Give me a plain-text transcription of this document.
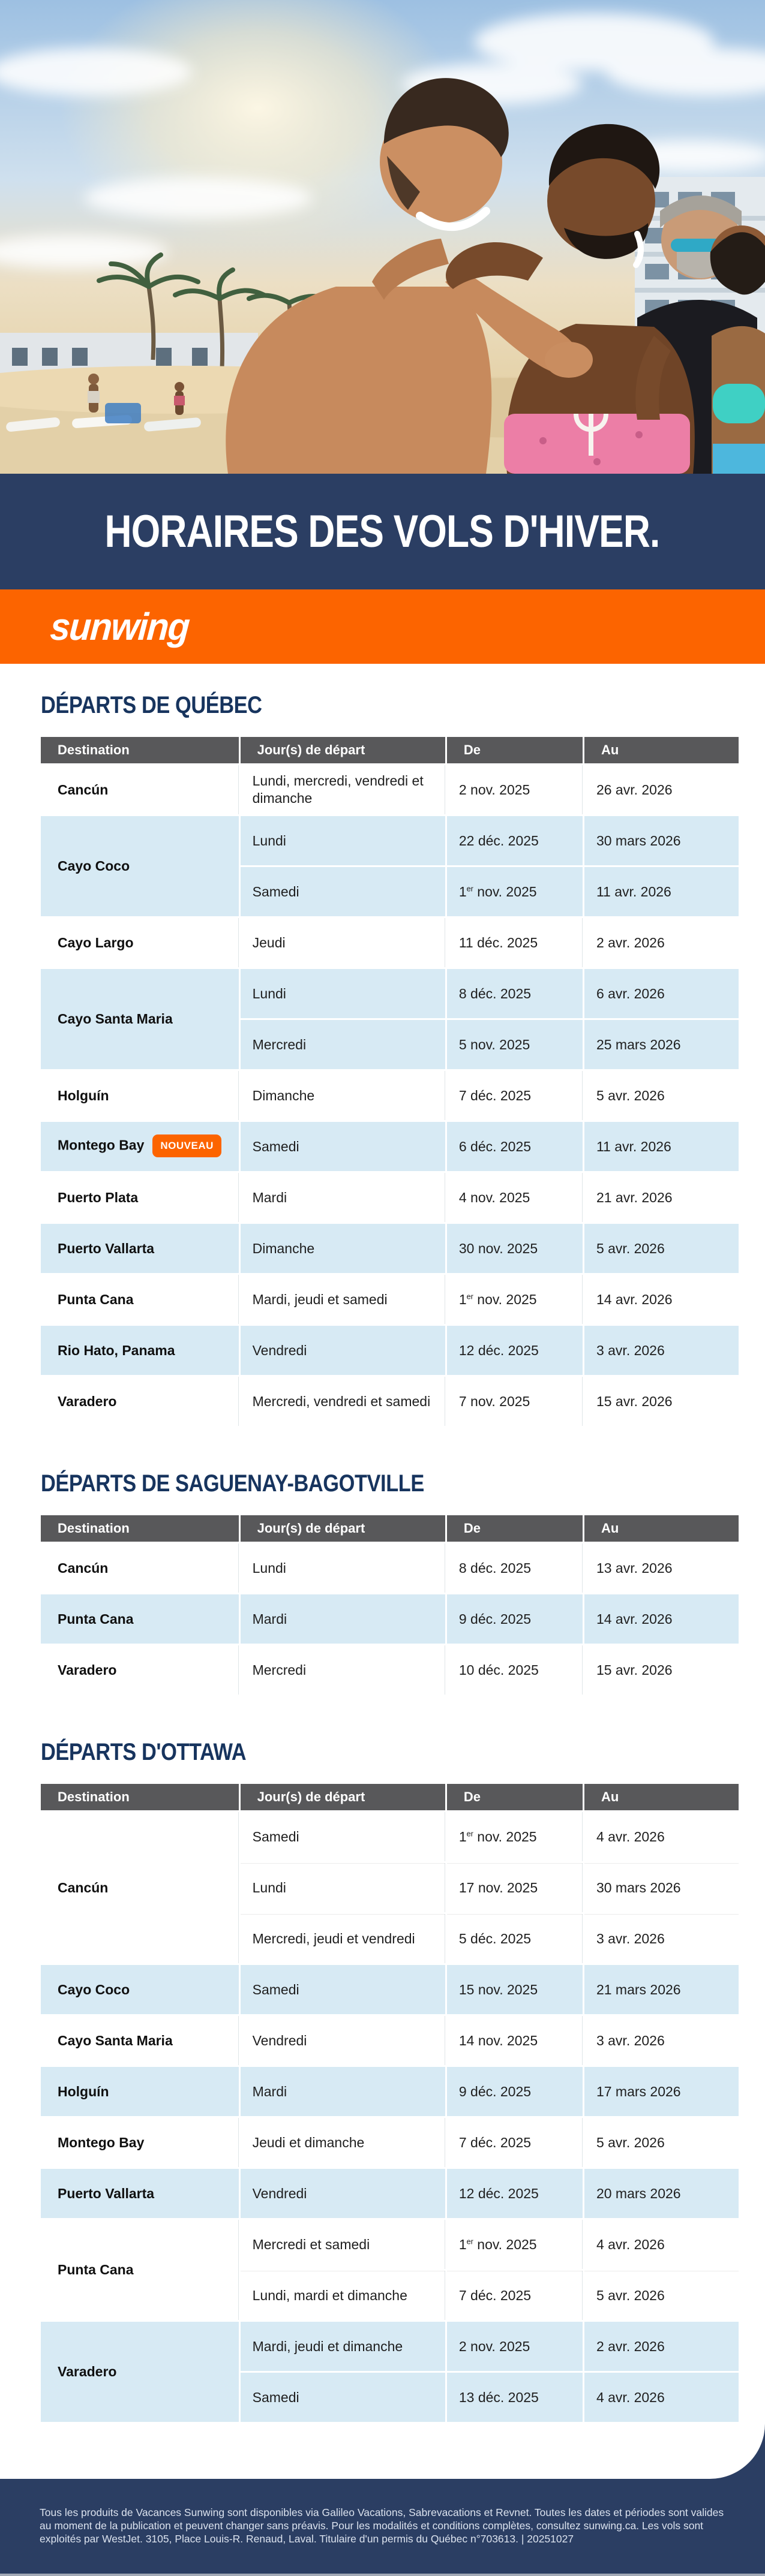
HORAIRES DES VOLS D'HIVER.
sunwing
DÉPARTS DE QUÉBEC
Destination	Jour(s) de départ	De	Au
Cancún	Lundi, mercredi, vendredi et dimanche	2 nov. 2025	26 avr. 2026
Cayo Coco	Lundi	22 déc. 2025	30 mars 2026
	Samedi	1er nov. 2025	11 avr. 2026
Cayo Largo	Jeudi	11 déc. 2025	2 avr. 2026
Cayo Santa Maria	Lundi	8 déc. 2025	6 avr. 2026
	Mercredi	5 nov. 2025	25 mars 2026
Holguín	Dimanche	7 déc. 2025	5 avr. 2026
Montego Bay NOUVEAU	Samedi	6 déc. 2025	11 avr. 2026
Puerto Plata	Mardi	4 nov. 2025	21 avr. 2026
Puerto Vallarta	Dimanche	30 nov. 2025	5 avr. 2026
Punta Cana	Mardi, jeudi et samedi	1er nov. 2025	14 avr. 2026
Rio Hato, Panama	Vendredi	12 déc. 2025	3 avr. 2026
Varadero	Mercredi, vendredi et samedi	7 nov. 2025	15 avr. 2026
DÉPARTS DE SAGUENAY-BAGOTVILLE
Destination	Jour(s) de départ	De	Au
Cancún	Lundi	8 déc. 2025	13 avr. 2026
Punta Cana	Mardi	9 déc. 2025	14 avr. 2026
Varadero	Mercredi	10 déc. 2025	15 avr. 2026
DÉPARTS D'OTTAWA
Destination	Jour(s) de départ	De	Au
Cancún	Samedi	1er nov. 2025	4 avr. 2026
	Lundi	17 nov. 2025	30 mars 2026
	Mercredi, jeudi et vendredi	5 déc. 2025	3 avr. 2026
Cayo Coco	Samedi	15 nov. 2025	21 mars 2026
Cayo Santa Maria	Vendredi	14 nov. 2025	3 avr. 2026
Holguín	Mardi	9 déc. 2025	17 mars 2026
Montego Bay	Jeudi et dimanche	7 déc. 2025	5 avr. 2026
Puerto Vallarta	Vendredi	12 déc. 2025	20 mars 2026
Punta Cana	Mercredi et samedi	1er nov. 2025	4 avr. 2026
	Lundi, mardi et dimanche	7 déc. 2025	5 avr. 2026
Varadero	Mardi, jeudi et dimanche	2 nov. 2025	2 avr. 2026
	Samedi	13 déc. 2025	4 avr. 2026

Tous les produits de Vacances Sunwing sont disponibles via Galileo Vacations, Sabrevacations et Revnet. Toutes les dates et périodes sont valides au moment de la publication et peuvent changer sans préavis. Pour les modalités et conditions complètes, consultez sunwing.ca. Les vols sont exploités par WestJet. 3105, Place Louis-R. Renaud, Laval. Titulaire d'un permis du Québec n°703613. | 20251027
